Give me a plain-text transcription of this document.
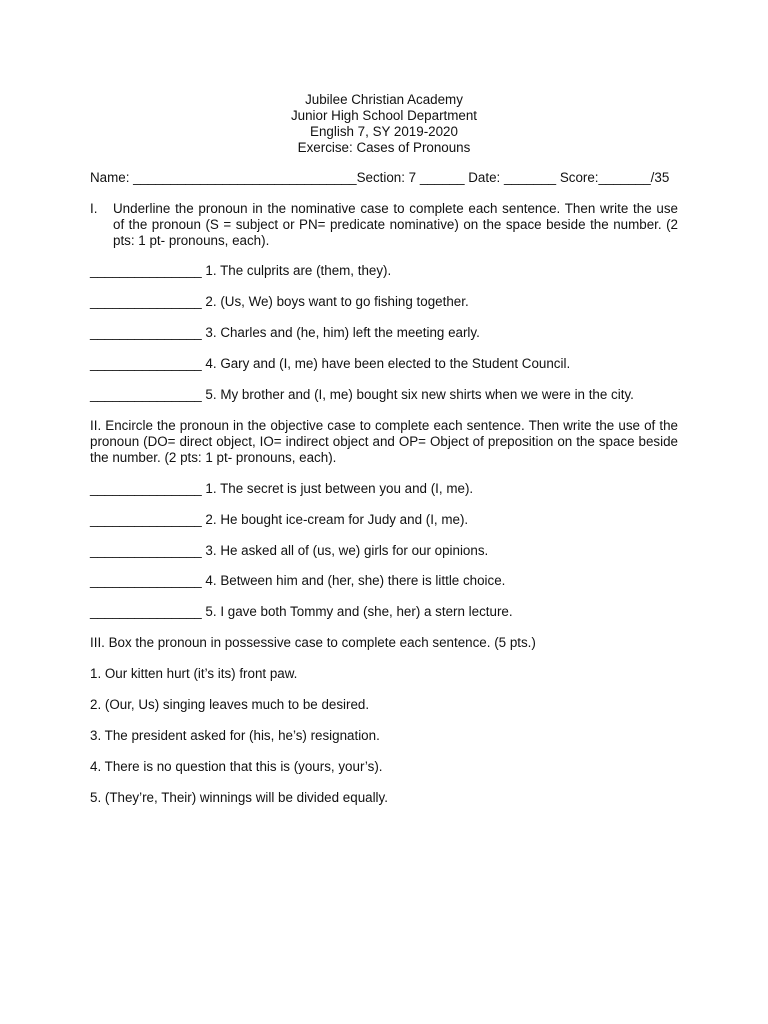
Jubilee Christian Academy
Junior High School Department
English 7, SY 2019-2020
Exercise: Cases of Pronouns
Name: ______________________________Section: 7 ______ Date: _______ Score:_______/35
I. Underline the pronoun in the nominative case to complete each sentence. Then write the use of the pronoun (S = subject or PN= predicate nominative) on the space beside the number. (2 pts: 1 pt- pronouns, each).
_______________ 1. The culprits are (them, they).
_______________ 2. (Us, We) boys want to go fishing together.
_______________ 3. Charles and (he, him) left the meeting early.
_______________ 4. Gary and (I, me) have been elected to the Student Council.
_______________ 5. My brother and (I, me) bought six new shirts when we were in the city.
II. Encircle the pronoun in the objective case to complete each sentence. Then write the use of the pronoun (DO= direct object, IO= indirect object and OP= Object of preposition on the space beside the number. (2 pts: 1 pt- pronouns, each).
_______________ 1. The secret is just between you and (I, me).
_______________ 2. He bought ice-cream for Judy and (I, me).
_______________ 3. He asked all of (us, we) girls for our opinions.
_______________ 4. Between him and (her, she) there is little choice.
_______________ 5. I gave both Tommy and (she, her) a stern lecture.
III. Box the pronoun in possessive case to complete each sentence. (5 pts.)
1. Our kitten hurt (it’s its) front paw.
2. (Our, Us) singing leaves much to be desired.
3. The president asked for (his, he’s) resignation.
4. There is no question that this is (yours, your’s).
5. (They’re, Their) winnings will be divided equally.
